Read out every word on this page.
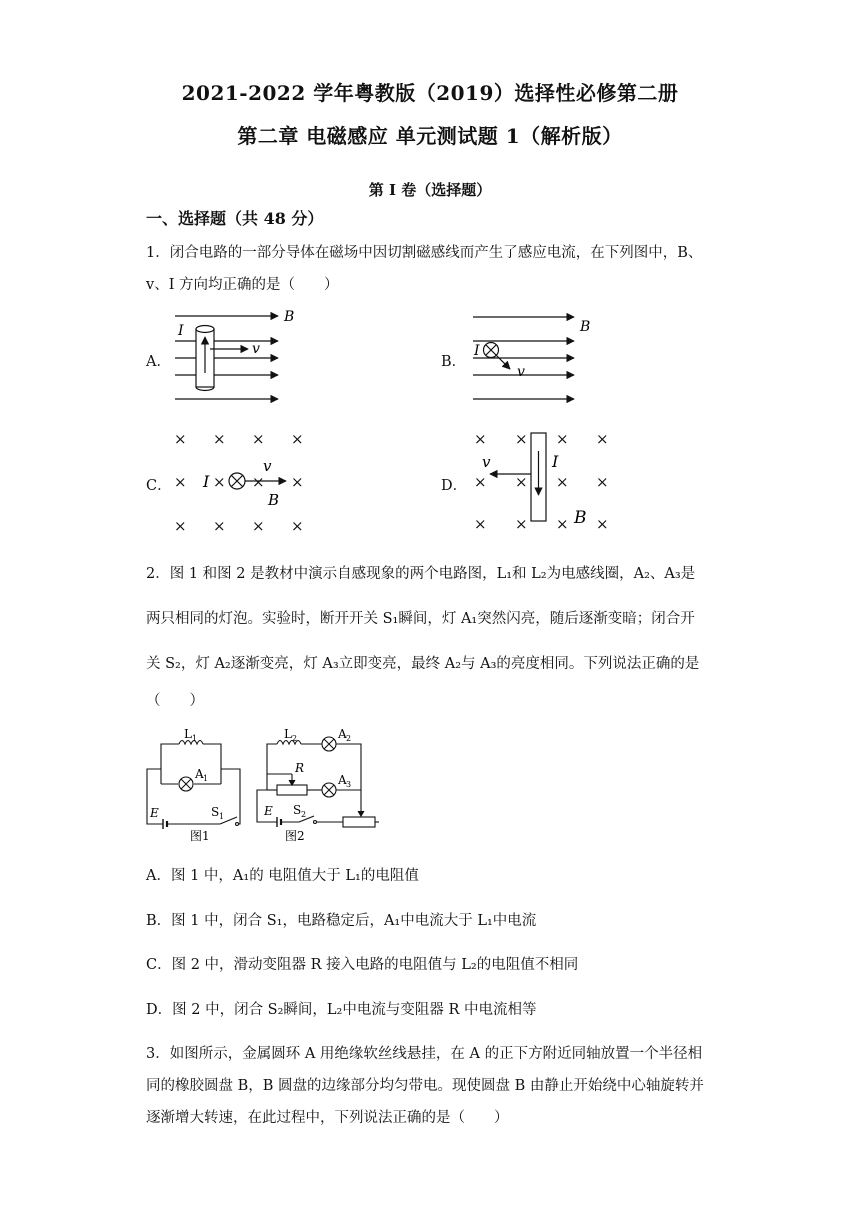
2021-2022 学年粤教版（2019）选择性必修第二册
第二章 电磁感应 单元测试题 1（解析版）
第 I 卷（选择题）
一、选择题（共 48 分）
1．闭合电路的一部分导体在磁场中因切割磁感线而产生了感应电流，在下列图中，B、
v、I 方向均正确的是（　　）
A．	B．
C．	D．
B
I
v
B
I
v
× × × ×
× × × ×
× × × ×
I
v
B
× × × ×
× × × ×
× × × ×
v	I
B
2．图 1 和图 2 是教材中演示自感现象的两个电路图，L₁和 L₂为电感线圈，A₂、A₃是
两只相同的灯泡。实验时，断开开关 S₁瞬间，灯 A₁突然闪亮，随后逐渐变暗；闭合开
关 S₂，灯 A₂逐渐变亮，灯 A₃立即变亮，最终 A₂与 A₃的亮度相同。下列说法正确的是
（　　）
L 1
A 1
E	S 1
图1
L 2	A 2
R
A 3
E S 2
图2
A．图 1 中，A₁的 电阻值大于 L₁的电阻值
B．图 1 中，闭合 S₁，电路稳定后，A₁中电流大于 L₁中电流
C．图 2 中，滑动变阻器 R 接入电路的电阻值与 L₂的电阻值不相同
D．图 2 中，闭合 S₂瞬间，L₂中电流与变阻器 R 中电流相等
3．如图所示，金属圆环 A 用绝缘软丝线悬挂，在 A 的正下方附近同轴放置一个半径相
同的橡胶圆盘 B，B 圆盘的边缘部分均匀带电。现使圆盘 B 由静止开始绕中心轴旋转并
逐渐增大转速，在此过程中，下列说法正确的是（　　）
